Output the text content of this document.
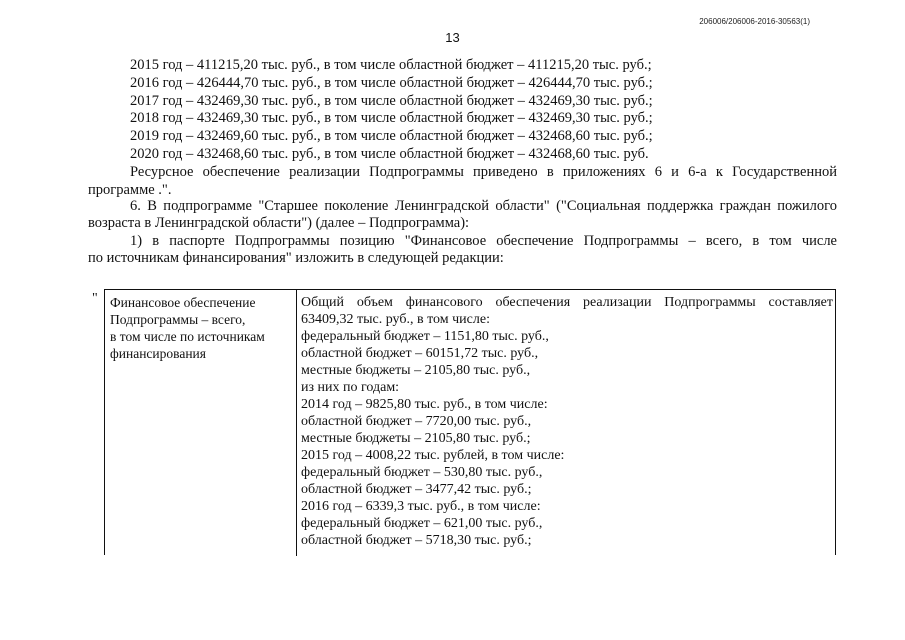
206006/206006-2016-30563(1)
13
2015 год – 411215,20 тыс. руб., в том числе областной бюджет – 411215,20 тыс. руб.;
2016 год – 426444,70 тыс. руб., в том числе областной бюджет – 426444,70 тыс. руб.;
2017 год – 432469,30 тыс. руб., в том числе областной бюджет – 432469,30 тыс. руб.;
2018 год – 432469,30 тыс. руб., в том числе областной бюджет – 432469,30 тыс. руб.;
2019 год – 432469,60 тыс. руб., в том числе областной бюджет – 432468,60 тыс. руб.;
2020 год – 432468,60 тыс. руб., в том числе областной бюджет – 432468,60 тыс. руб.
Ресурсное обеспечение реализации Подпрограммы приведено в приложениях 6 и 6-а к Государственной
программе .".
6. В подпрограмме "Старшее поколение Ленинградской области" ("Социальная поддержка граждан пожилого
возраста в Ленинградской области") (далее – Подпрограмма):
1) в паспорте Подпрограммы позицию "Финансовое обеспечение Подпрограммы – всего, в том числе
по источникам финансирования" изложить в следующей редакции:
" Финансовое обеспечение
Подпрограммы – всего,
в том числе по источникам
финансирования
Общий объем финансового обеспечения реализации Подпрограммы составляет
63409,32 тыс. руб., в том числе:
федеральный бюджет – 1151,80 тыс. руб.,
областной бюджет – 60151,72 тыс. руб.,
местные бюджеты – 2105,80 тыс. руб.,
из них по годам:
2014 год – 9825,80 тыс. руб., в том числе:
областной бюджет – 7720,00 тыс. руб.,
местные бюджеты – 2105,80 тыс. руб.;
2015 год – 4008,22 тыс. рублей, в том числе:
федеральный бюджет – 530,80 тыс. руб.,
областной бюджет – 3477,42 тыс. руб.;
2016 год – 6339,3 тыс. руб., в том числе:
федеральный бюджет – 621,00 тыс. руб.,
областной бюджет – 5718,30 тыс. руб.;
